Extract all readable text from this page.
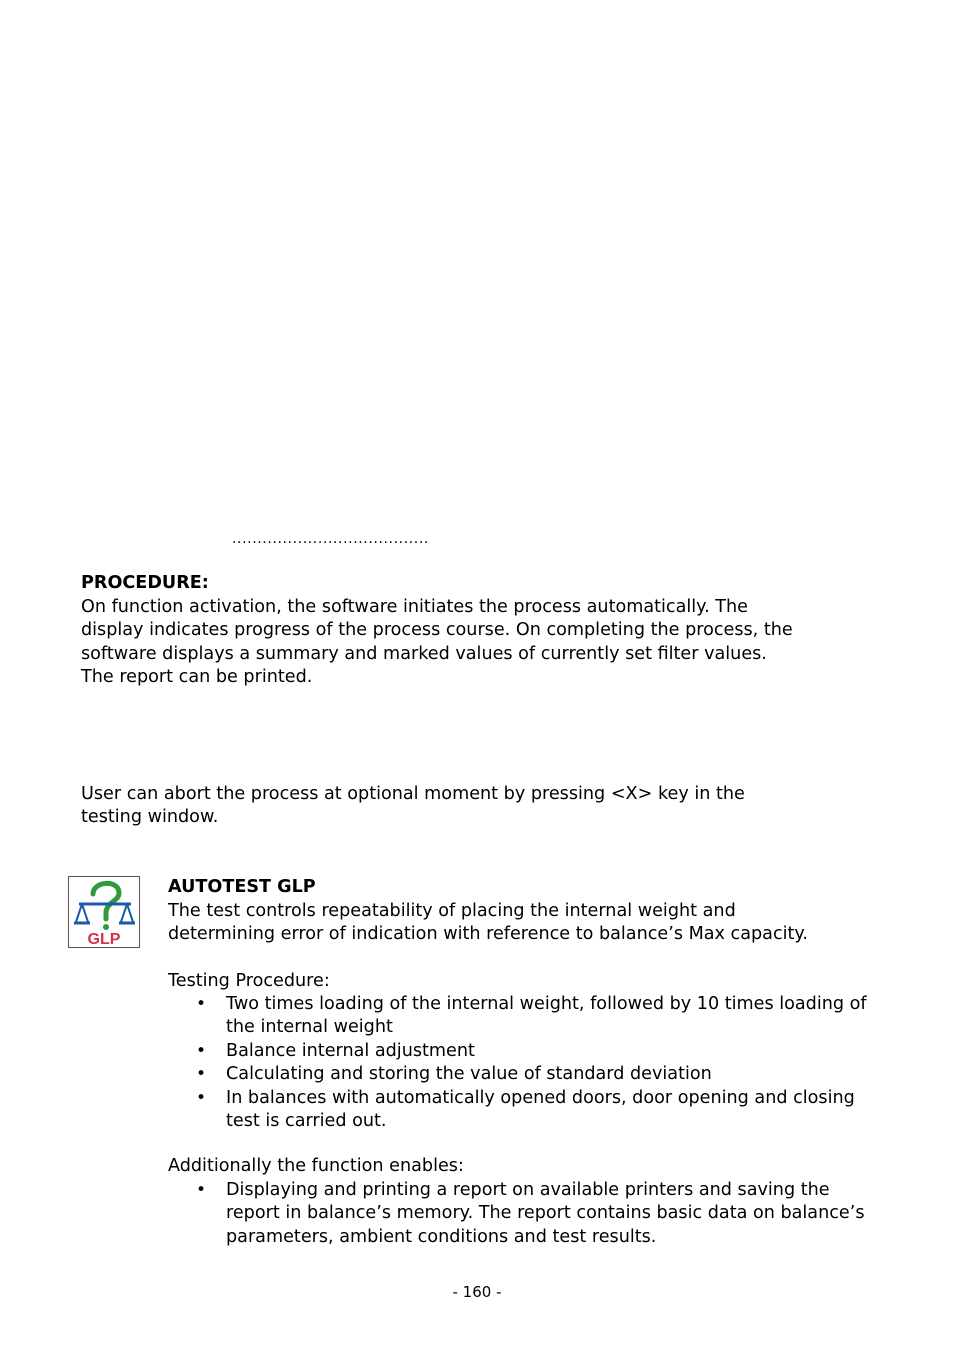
.......................................
PROCEDURE:
On function activation, the software initiates the process automatically. The
display indicates progress of the process course. On completing the process, the
software displays a summary and marked values of currently set filter values.
The report can be printed.
User can abort the process at optional moment by pressing <X> key in the
testing window.
GLP
AUTOTEST GLP
The test controls repeatability of placing the internal weight and
determining error of indication with reference to balance’s Max capacity.
Testing Procedure:
• Two times loading of the internal weight, followed by 10 times loading of the internal weight
• Balance internal adjustment
• Calculating and storing the value of standard deviation
• In balances with automatically opened doors, door opening and closing test is carried out.
Additionally the function enables:
• Displaying and printing a report on available printers and saving the report in balance’s memory. The report contains basic data on balance’s parameters, ambient conditions and test results.
- 160 -
